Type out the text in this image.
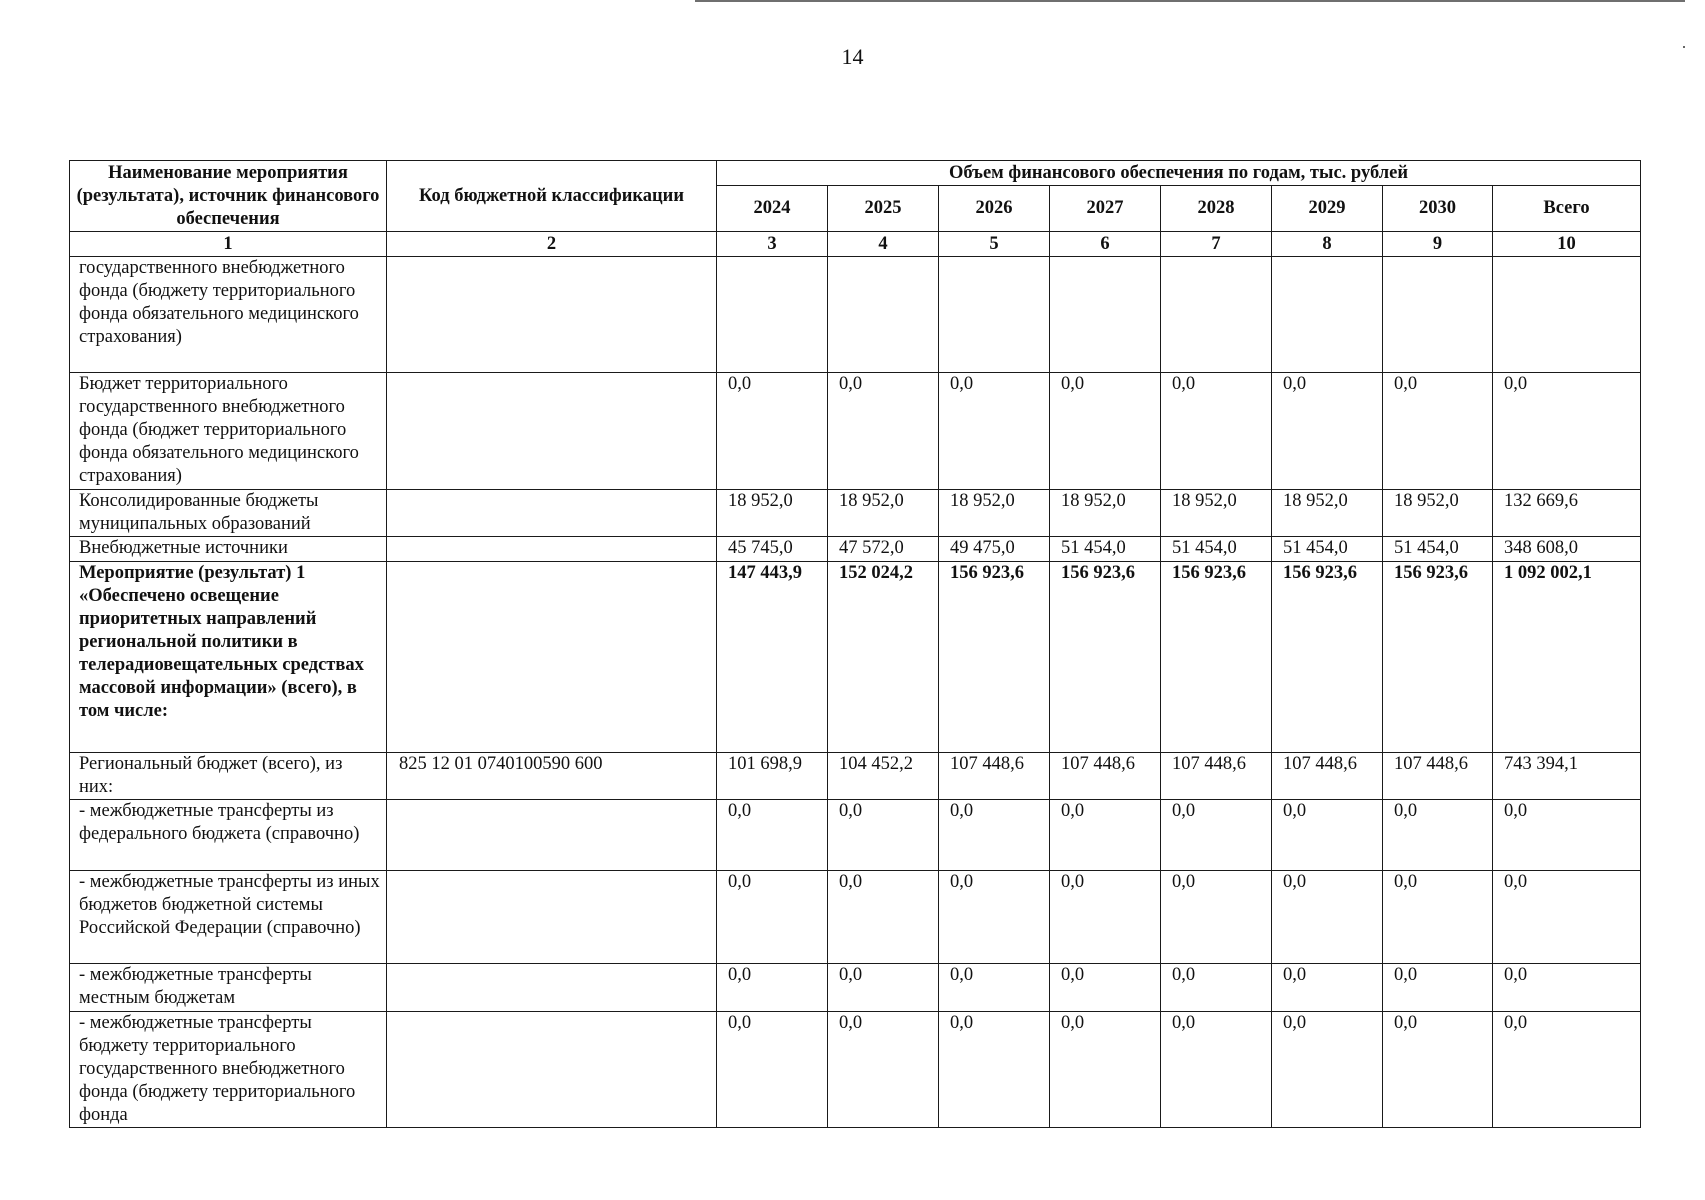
14
Наименование мероприятия (результата), источник финансового обеспечения	Код бюджетной классификации	Объем финансового обеспечения по годам, тыс. рублей							
		2024	2025	2026	2027	2028	2029	2030	Всего
1	2	3	4	5	6	7	8	9	10
государственного внебюджетного фонда (бюджету территориального фонда обязательного медицинского страхования)									
Бюджет территориального государственного внебюджетного фонда (бюджет территориального фонда обязательного медицинского страхования)		0,0	0,0	0,0	0,0	0,0	0,0	0,0	0,0
Консолидированные бюджеты муниципальных образований		18 952,0	18 952,0	18 952,0	18 952,0	18 952,0	18 952,0	18 952,0	132 669,6
Внебюджетные источники		45 745,0	47 572,0	49 475,0	51 454,0	51 454,0	51 454,0	51 454,0	348 608,0
Мероприятие (результат) 1 «Обеспечено освещение приоритетных направлений региональной политики в телерадиовещательных средствах массовой информации» (всего), в том числе:		147 443,9	152 024,2	156 923,6	156 923,6	156 923,6	156 923,6	156 923,6	1 092 002,1
Региональный бюджет (всего), из них:	825 12 01 0740100590 600	101 698,9	104 452,2	107 448,6	107 448,6	107 448,6	107 448,6	107 448,6	743 394,1
- межбюджетные трансферты из федерального бюджета (справочно)		0,0	0,0	0,0	0,0	0,0	0,0	0,0	0,0
- межбюджетные трансферты из иных бюджетов бюджетной системы Российской Федерации (справочно)		0,0	0,0	0,0	0,0	0,0	0,0	0,0	0,0
- межбюджетные трансферты местным бюджетам		0,0	0,0	0,0	0,0	0,0	0,0	0,0	0,0
- межбюджетные трансферты бюджету территориального государственного внебюджетного фонда (бюджету территориального фонда		0,0	0,0	0,0	0,0	0,0	0,0	0,0	0,0
